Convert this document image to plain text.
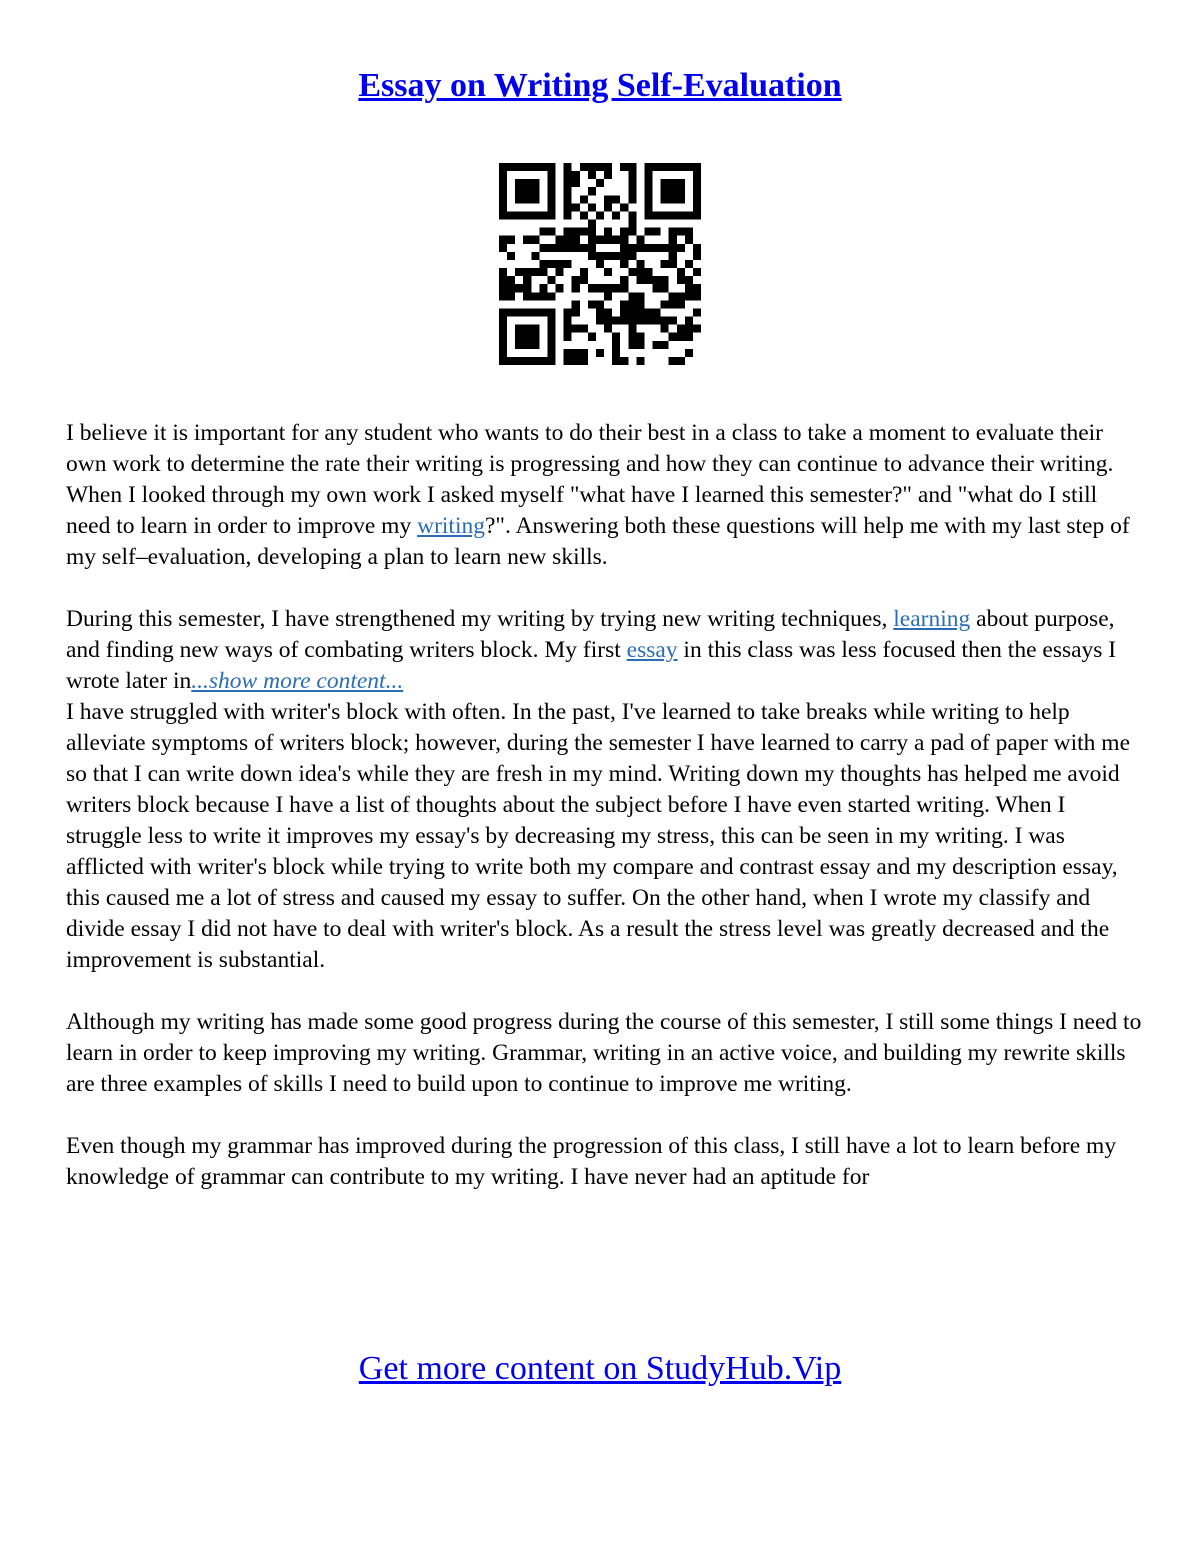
Essay on Writing Self-Evaluation

I believe it is important for any student who wants to do their best in a class to take a moment to evaluate their own work to determine the rate their writing is progressing and how they can continue to advance their writing. When I looked through my own work I asked myself "what have I learned this semester?" and "what do I still need to learn in order to improve my writing?". Answering both these questions will help me with my last step of my self–evaluation, developing a plan to learn new skills.

During this semester, I have strengthened my writing by trying new writing techniques, learning about purpose, and finding new ways of combating writers block. My first essay in this class was less focused then the essays I wrote later in...show more content...

I have struggled with writer's block with often. In the past, I've learned to take breaks while writing to help alleviate symptoms of writers block; however, during the semester I have learned to carry a pad of paper with me so that I can write down idea's while they are fresh in my mind. Writing down my thoughts has helped me avoid writers block because I have a list of thoughts about the subject before I have even started writing. When I struggle less to write it improves my essay's by decreasing my stress, this can be seen in my writing. I was afflicted with writer's block while trying to write both my compare and contrast essay and my description essay, this caused me a lot of stress and caused my essay to suffer. On the other hand, when I wrote my classify and divide essay I did not have to deal with writer's block. As a result the stress level was greatly decreased and the improvement is substantial.

Although my writing has made some good progress during the course of this semester, I still some things I need to learn in order to keep improving my writing. Grammar, writing in an active voice, and building my rewrite skills are three examples of skills I need to build upon to continue to improve me writing.

Even though my grammar has improved during the progression of this class, I still have a lot to learn before my knowledge of grammar can contribute to my writing. I have never had an aptitude for

Get more content on StudyHub.Vip
